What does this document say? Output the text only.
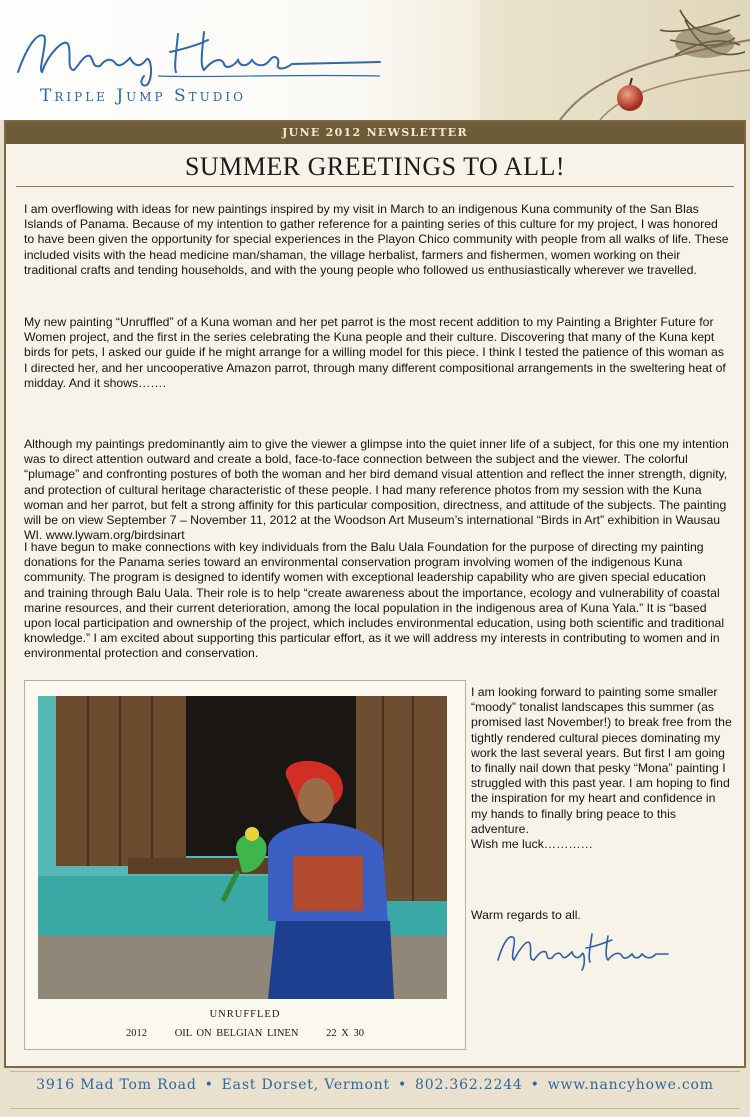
Triple Jump Studio
JUNE 2012 NEWSLETTER
SUMMER GREETINGS TO ALL!

I am overflowing with ideas for new paintings inspired by my visit in March to an indigenous Kuna community of the San Blas Islands of Panama. Because of my intention to gather reference for a painting series of this culture for my project, I was honored to have been given the opportunity for special experiences in the Playon Chico community with people from all walks of life. These included visits with the head medicine man/shaman, the village herbalist, farmers and fishermen, women working on their traditional crafts and tending households, and with the young people who followed us enthusiastically wherever we travelled.

My new painting “Unruffled” of a Kuna woman and her pet parrot is the most recent addition to my Painting a Brighter Future for Women project, and the first in the series celebrating the Kuna people and their culture. Discovering that many of the Kuna kept birds for pets, I asked our guide if he might arrange for a willing model for this piece. I think I tested the patience of this woman as I directed her, and her uncooperative Amazon parrot, through many different compositional arrangements in the sweltering heat of midday. And it shows…….

Although my paintings predominantly aim to give the viewer a glimpse into the quiet inner life of a subject, for this one my intention was to direct attention outward and create a bold, face-to-face connection between the subject and the viewer. The colorful “plumage” and confronting postures of both the woman and her bird demand visual attention and reflect the inner strength, dignity, and protection of cultural heritage characteristic of these people. I had many reference photos from my session with the Kuna woman and her parrot, but felt a strong affinity for this particular composition, directness, and attitude of the subjects. The painting will be on view September 7 – November 11, 2012 at the Woodson Art Museum’s international “Birds in Art” exhibition in Wausau WI. www.lywam.org/birdsinart

I have begun to make connections with key individuals from the Balu Uala Foundation for the purpose of directing my painting donations for the Panama series toward an environmental conservation program involving women of the indigenous Kuna community. The program is designed to identify women with exceptional leadership capability who are given special education and training through Balu Uala. Their role is to help “create awareness about the importance, ecology and vulnerability of coastal marine resources, and their current deterioration, among the local population in the indigenous area of Kuna Yala.” It is “based upon local participation and ownership of the project, which includes environmental education, using both scientific and traditional knowledge.” I am excited about supporting this particular effort, as it we will address my interests in contributing to women and in environmental protection and conservation.

UNRUFFLED
2012      OIL ON BELGIAN LINEN      22 X 30

I am looking forward to painting some smaller “moody” tonalist landscapes this summer (as promised last November!) to break free from the tightly rendered cultural pieces dominating my work the last several years. But first I am going to finally nail down that pesky “Mona” painting I struggled with this past year. I am hoping to find the inspiration for my heart and confidence in my hands to finally bring peace to this adventure.
Wish me luck…………

Warm regards to all.
3916 Mad Tom Road • East Dorset, Vermont • 802.362.2244 • www.nancyhowe.com
